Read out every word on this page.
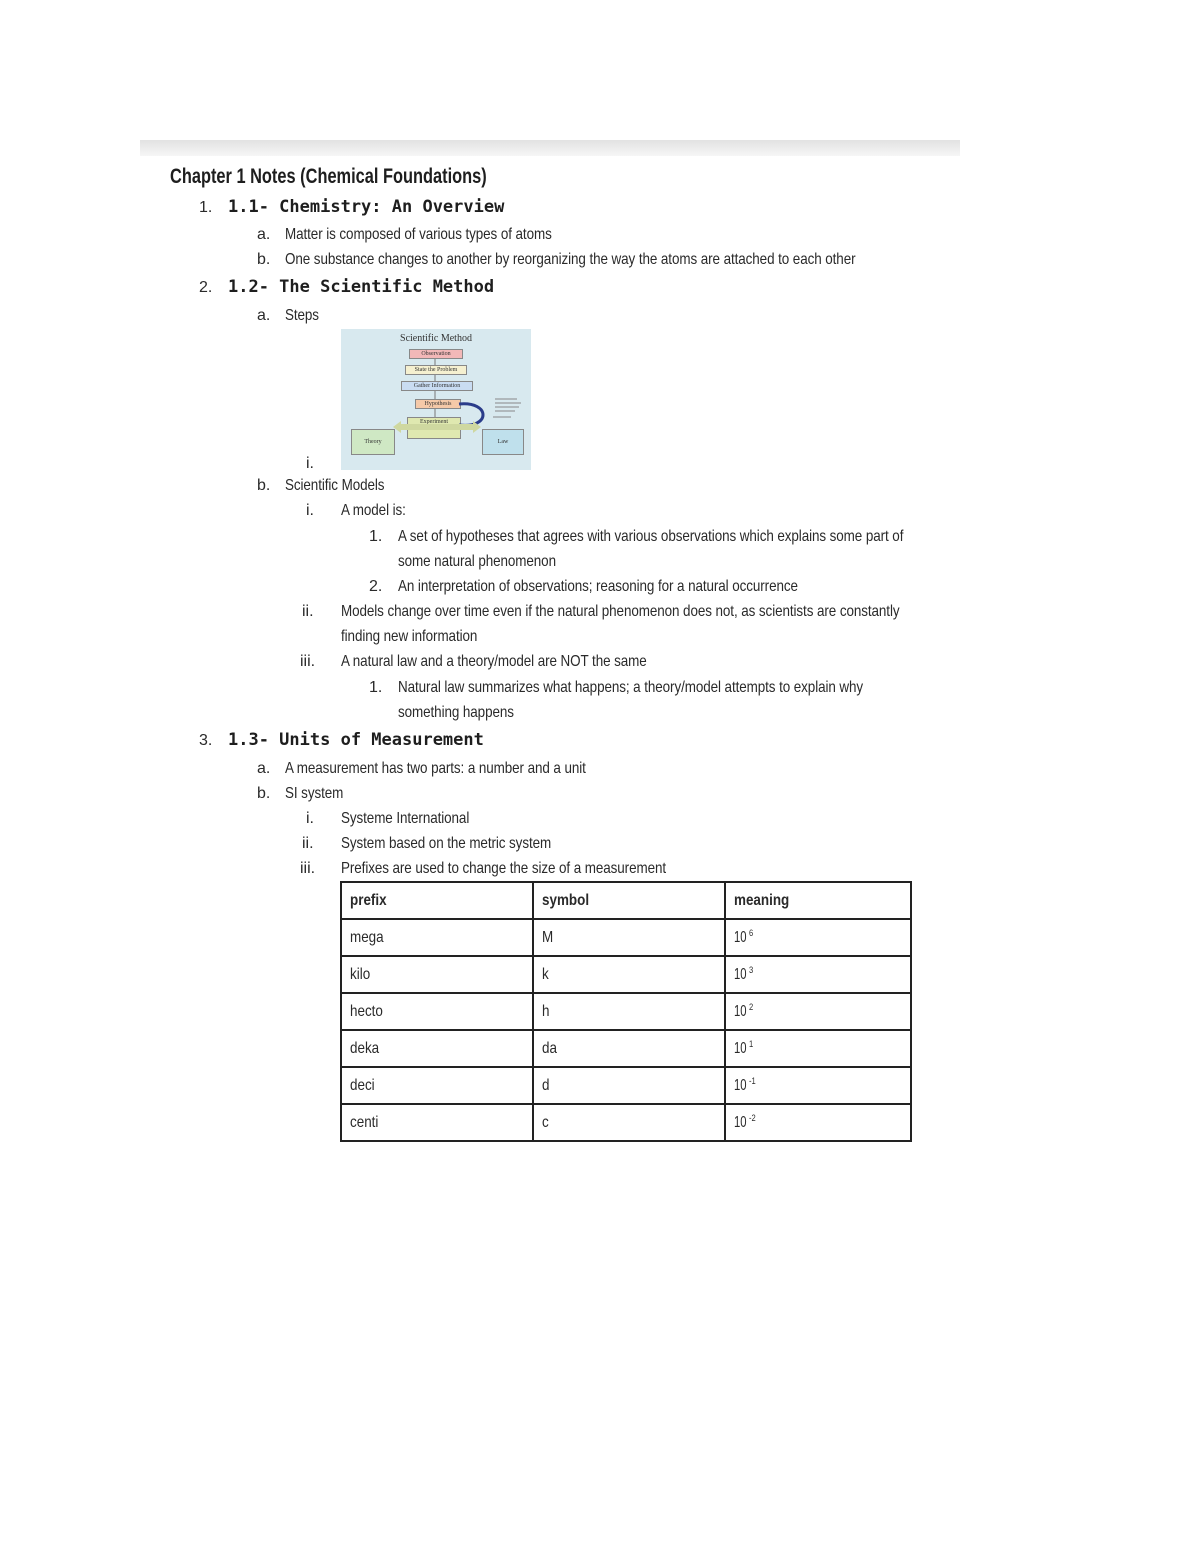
Chapter 1 Notes (Chemical Foundations)
1. 1.1- Chemistry: An Overview
a. Matter is composed of various types of atoms
b. One substance changes to another by reorganizing the way the atoms are attached to each other
2. 1.2- The Scientific Method
a. Steps
Scientific Method
Observation
State the Problem
Gather Information
Hypothesis
Experiment
Theory	Law
i.
b. Scientific Models
i. A model is:
1. A set of hypotheses that agrees with various observations which explains some part of
some natural phenomenon
2. An interpretation of observations; reasoning for a natural occurrence
ii. Models change over time even if the natural phenomenon does not, as scientists are constantly
finding new information
iii. A natural law and a theory/model are NOT the same
1. Natural law summarizes what happens; a theory/model attempts to explain why
something happens
3. 1.3- Units of Measurement
a. A measurement has two parts: a number and a unit
b. SI system
i. Systeme International
ii. System based on the metric system
iii. Prefixes are used to change the size of a measurement
prefix	symbol	meaning
mega	M	10 $^6$
kilo	k	10 $^3$
hecto	h	10 $^2$
deka	da	10 $^1$
deci	d	10 $^{-1}$
centi	c	10 $^{-2}$
